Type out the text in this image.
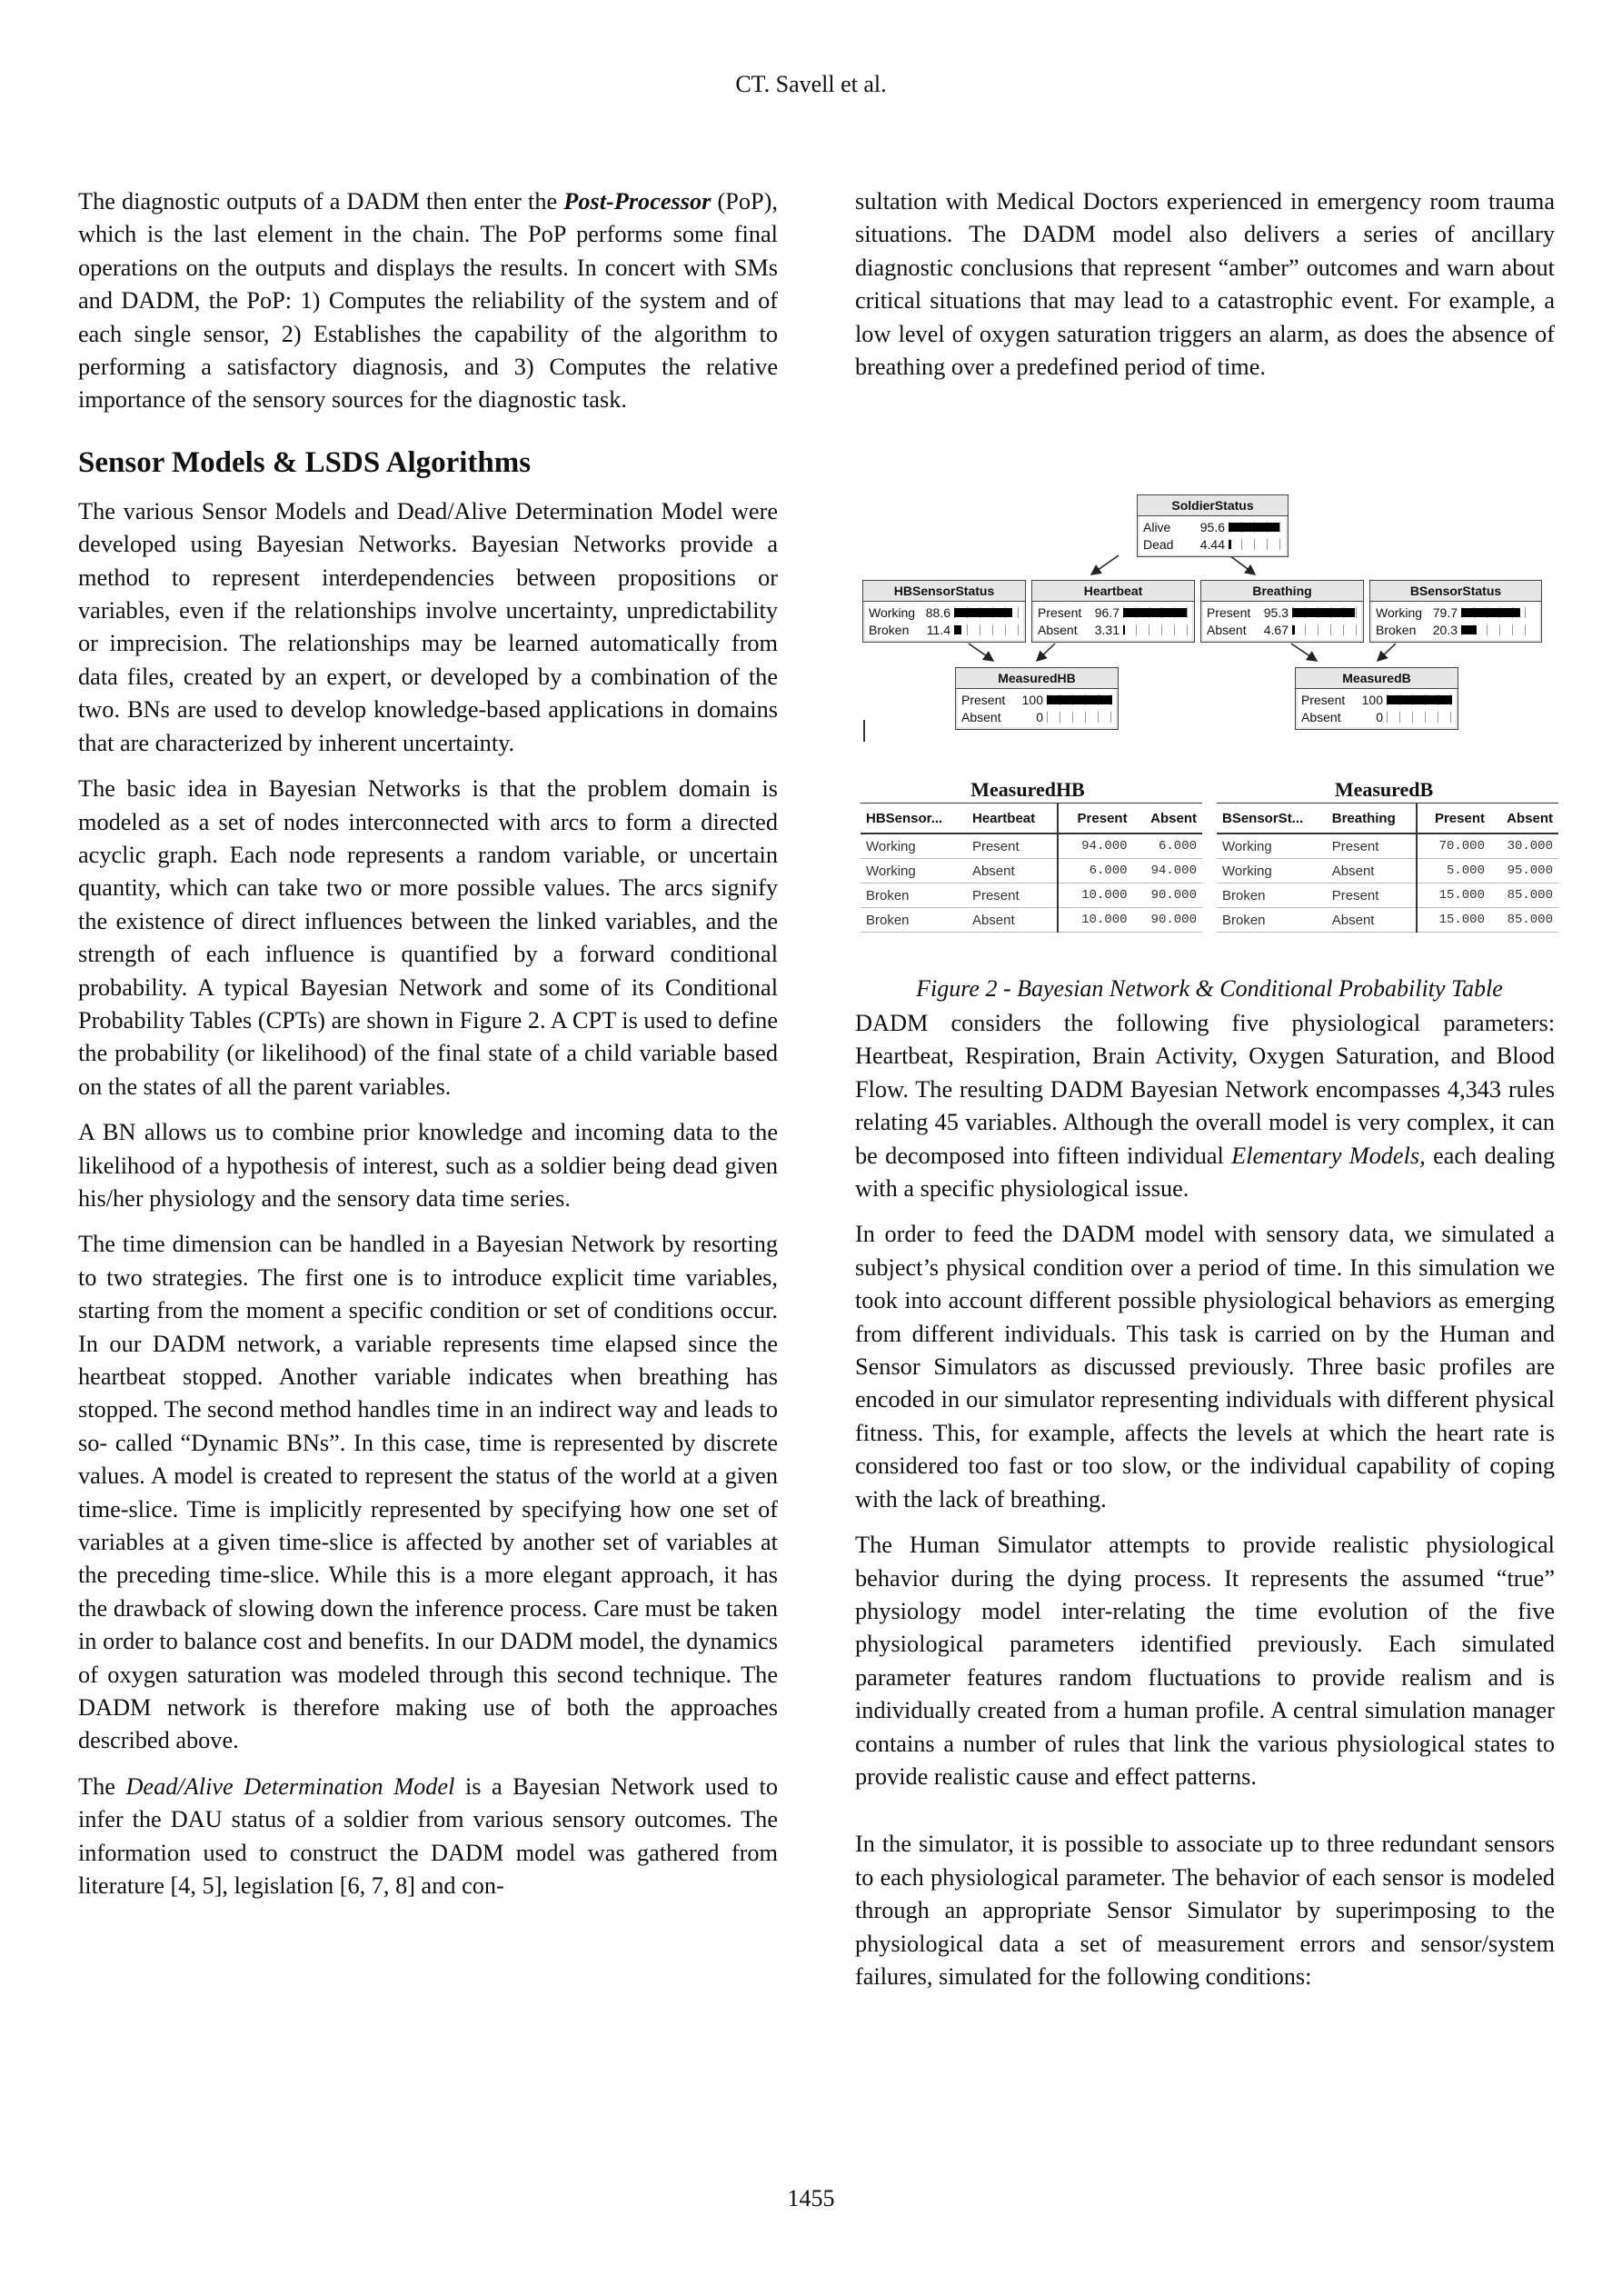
CT. Savell et al.

The diagnostic outputs of a DADM then enter the Post-Processor (PoP), which is the last element in the chain. The PoP performs some final operations on the outputs and displays the results. In concert with SMs and DADM, the PoP: 1) Computes the reliability of the system and of each single sensor, 2) Establishes the capability of the algorithm to performing a satisfactory diagnosis, and 3) Computes the relative importance of the sensory sources for the diagnostic task.

Sensor Models & LSDS Algorithms

The various Sensor Models and Dead/Alive Determination Model were developed using Bayesian Networks. Bayesian Networks provide a method to represent interdependencies between propositions or variables, even if the relationships involve uncertainty, unpredictability or imprecision. The relationships may be learned automatically from data files, created by an expert, or developed by a combination of the two. BNs are used to develop knowledge-based applications in domains that are characterized by inherent uncertainty.

The basic idea in Bayesian Networks is that the problem domain is modeled as a set of nodes interconnected with arcs to form a directed acyclic graph. Each node represents a random variable, or uncertain quantity, which can take two or more possible values. The arcs signify the existence of direct influences between the linked variables, and the strength of each influence is quantified by a forward conditional probability. A typical Bayesian Network and some of its Conditional Probability Tables (CPTs) are shown in Figure 2. A CPT is used to define the probability (or likelihood) of the final state of a child variable based on the states of all the parent variables.

A BN allows us to combine prior knowledge and incoming data to the likelihood of a hypothesis of interest, such as a soldier being dead given his/her physiology and the sensory data time series.

The time dimension can be handled in a Bayesian Network by resorting to two strategies. The first one is to introduce explicit time variables, starting from the moment a specific condition or set of conditions occur. In our DADM network, a variable represents time elapsed since the heartbeat stopped. Another variable indicates when breathing has stopped. The second method handles time in an indirect way and leads to so- called “Dynamic BNs”. In this case, time is represented by discrete values. A model is created to represent the status of the world at a given time-slice. Time is implicitly represented by specifying how one set of variables at a given time-slice is affected by another set of variables at the preceding time-slice. While this is a more elegant approach, it has the drawback of slowing down the inference process. Care must be taken in order to balance cost and benefits. In our DADM model, the dynamics of oxygen saturation was modeled through this second technique. The DADM network is therefore making use of both the approaches described above.

The Dead/Alive Determination Model is a Bayesian Network used to infer the DAU status of a soldier from various sensory outcomes. The information used to construct the DADM model was gathered from literature [4, 5], legislation [6, 7, 8] and con-

sultation with Medical Doctors experienced in emergency room trauma situations. The DADM model also delivers a series of ancillary diagnostic conclusions that represent “amber” outcomes and warn about critical situations that may lead to a catastrophic event. For example, a low level of oxygen saturation triggers an alarm, as does the absence of breathing over a predefined period of time.

SoldierStatus
Alive	95.6
Dead	4.44
HBSensorStatus
Working 88.6
Broken	11.4
Heartbeat
Present	96.7
Absent	3.31
Breathing
Present	95.3
Absent	4.67
BSensorStatus
Working 79.7
Broken	20.3
MeasuredHB
Present	100
Absent	0
MeasuredB
Present	100
Absent	0
MeasuredHB	MeasuredB
HBSensor...	Heartbeat	Present	Absent
Working	Present	94.000	6.000
Working	Absent	6.000	94.000
Broken	Present	10.000	90.000
Broken	Absent	10.000	90.000
BSensorSt...	Breathing	Present	Absent
Working	Present	70.000	30.000
Working	Absent	5.000	95.000
Broken	Present	15.000	85.000
Broken	Absent	15.000	85.000
Figure 2 - Bayesian Network & Conditional Probability Table

DADM considers the following five physiological parameters: Heartbeat, Respiration, Brain Activity, Oxygen Saturation, and Blood Flow. The resulting DADM Bayesian Network encompasses 4,343 rules relating 45 variables. Although the overall model is very complex, it can be decomposed into fifteen individual Elementary Models, each dealing with a specific physiological issue.

In order to feed the DADM model with sensory data, we simulated a subject’s physical condition over a period of time. In this simulation we took into account different possible physiological behaviors as emerging from different individuals. This task is carried on by the Human and Sensor Simulators as discussed previously. Three basic profiles are encoded in our simulator representing individuals with different physical fitness. This, for example, affects the levels at which the heart rate is considered too fast or too slow, or the individual capability of coping with the lack of breathing.

The Human Simulator attempts to provide realistic physiological behavior during the dying process. It represents the assumed “true” physiology model inter-relating the time evolution of the five physiological parameters identified previously. Each simulated parameter features random fluctuations to provide realism and is individually created from a human profile. A central simulation manager contains a number of rules that link the various physiological states to provide realistic cause and effect patterns.

In the simulator, it is possible to associate up to three redundant sensors to each physiological parameter. The behavior of each sensor is modeled through an appropriate Sensor Simulator by superimposing to the physiological data a set of measurement errors and sensor/system failures, simulated for the following conditions:

1455
